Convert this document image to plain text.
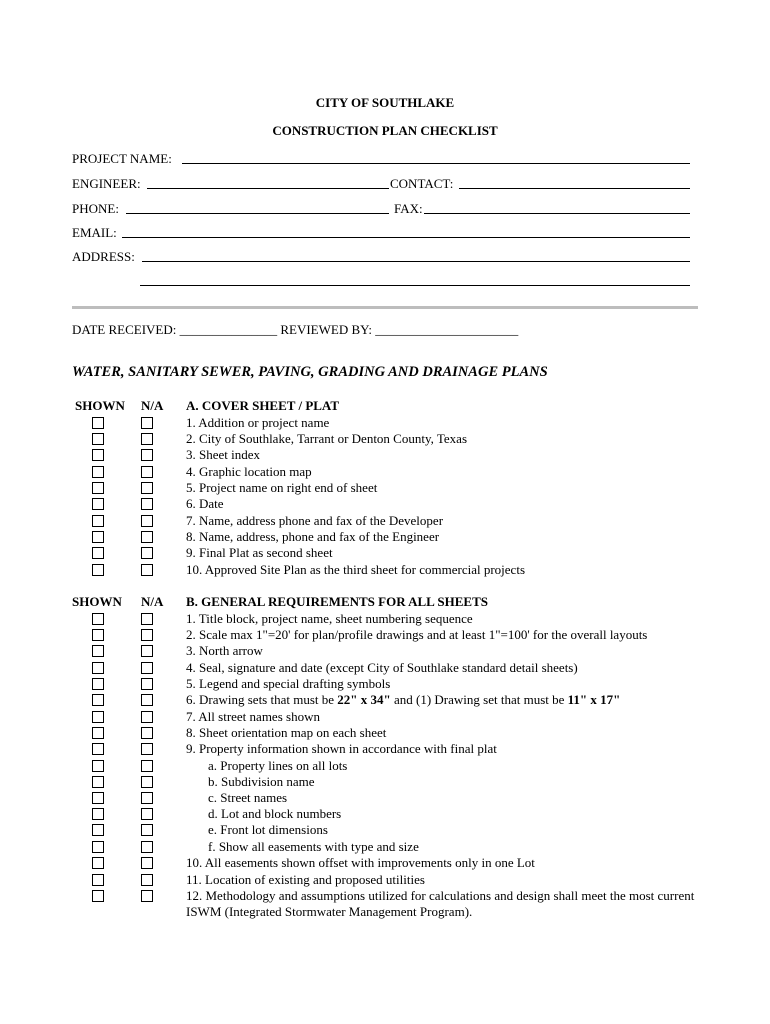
CITY OF SOUTHLAKE
CONSTRUCTION PLAN CHECKLIST
PROJECT NAME:
ENGINEER:	CONTACT:
PHONE:	FAX:
EMAIL:
ADDRESS:
DATE RECEIVED: _______________ REVIEWED BY: ______________________
WATER, SANITARY SEWER, PAVING, GRADING AND DRAINAGE PLANS
SHOWN N/A A. COVER SHEET / PLAT
SHOWN N/A B. GENERAL REQUIREMENTS FOR ALL SHEETS
1. Title block, project name, sheet numbering sequence
2. Scale max 1"=20' for plan/profile drawings and at least 1"=100' for the overall layouts
3. North arrow
4. Seal, signature and date (except City of Southlake standard detail sheets)
5. Legend and special drafting symbols
6. Drawing sets that must be 22" x 34" and (1) Drawing set that must be 11" x 17"
7. All street names shown
8. Sheet orientation map on each sheet
9. Property information shown in accordance with final plat
a. Property lines on all lots
b. Subdivision name
c. Street names
d. Lot and block numbers
e. Front lot dimensions
f. Show all easements with type and size
10. All easements shown offset with improvements only in one Lot
11. Location of existing and proposed utilities
12. Methodology and assumptions utilized for calculations and design shall meet the most current ISWM (Integrated Stormwater Management Program).
1. Addition or project name
2. City of Southlake, Tarrant or Denton County, Texas
3. Sheet index
4. Graphic location map
5. Project name on right end of sheet
6. Date
7. Name, address phone and fax of the Developer
8. Name, address, phone and fax of the Engineer
9. Final Plat as second sheet
10. Approved Site Plan as the third sheet for commercial projects
